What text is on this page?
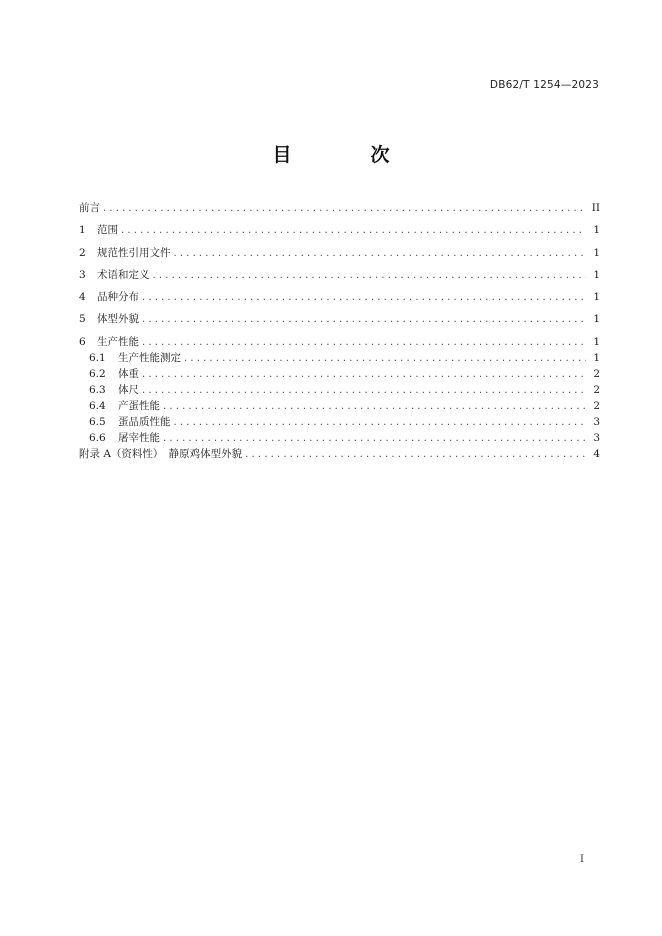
DB62/T 1254—2023
目　次
前言 . . .	II
1	范围 . . .	1
2	规范性引用文件 . . .	1
3	术语和定义 . . .	1
4	品种分布 . . .	1
5	体型外貌 . . .	1
6	生产性能 . . .	1
6.1	生产性能测定 . . .	1
6.2	体重 . . .	2
6.3	体尺 . . .	2
6.4	产蛋性能 . . .	2
6.5	蛋品质性能 . . .	3
6.6	屠宰性能 . . .	3
附录 A（资料性）　静原鸡体型外貌 . . .	4
I
